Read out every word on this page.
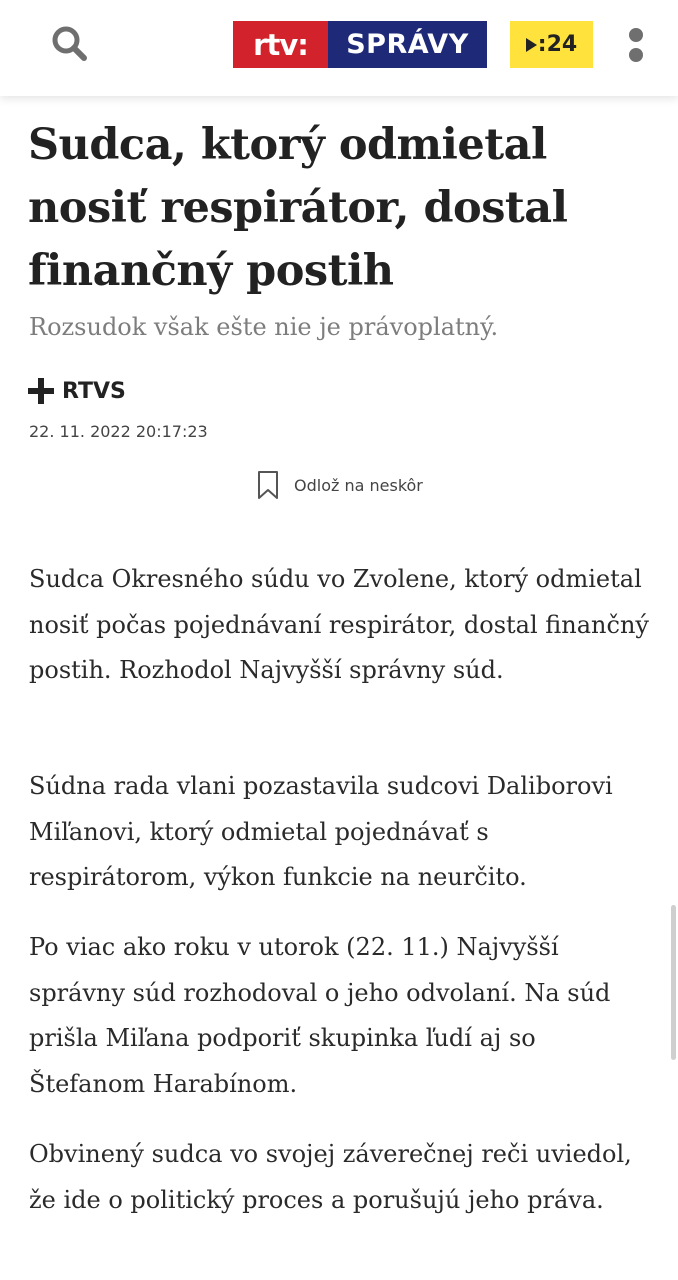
rtv:	SPRÁVY	:24
Sudca, ktorý odmietal nosiť respirátor, dostal finančný postih
Rozsudok však ešte nie je právoplatný.
RTVS
22. 11. 2022 20:17:23
Odlož na neskôr

Sudca Okresného súdu vo Zvolene, ktorý odmietal nosiť počas pojednávaní respirátor, dostal finančný postih. Rozhodol Najvyšší správny súd.

Súdna rada vlani pozastavila sudcovi Daliborovi Miľanovi, ktorý odmietal pojednávať s respirátorom, výkon funkcie na neurčito.

Po viac ako roku v utorok (22. 11.) Najvyšší správny súd rozhodoval o jeho odvolaní. Na súd prišla Miľana podporiť skupinka ľudí aj so Štefanom Harabínom.

Obvinený sudca vo svojej záverečnej reči uviedol, že ide o politický proces a porušujú jeho práva.
